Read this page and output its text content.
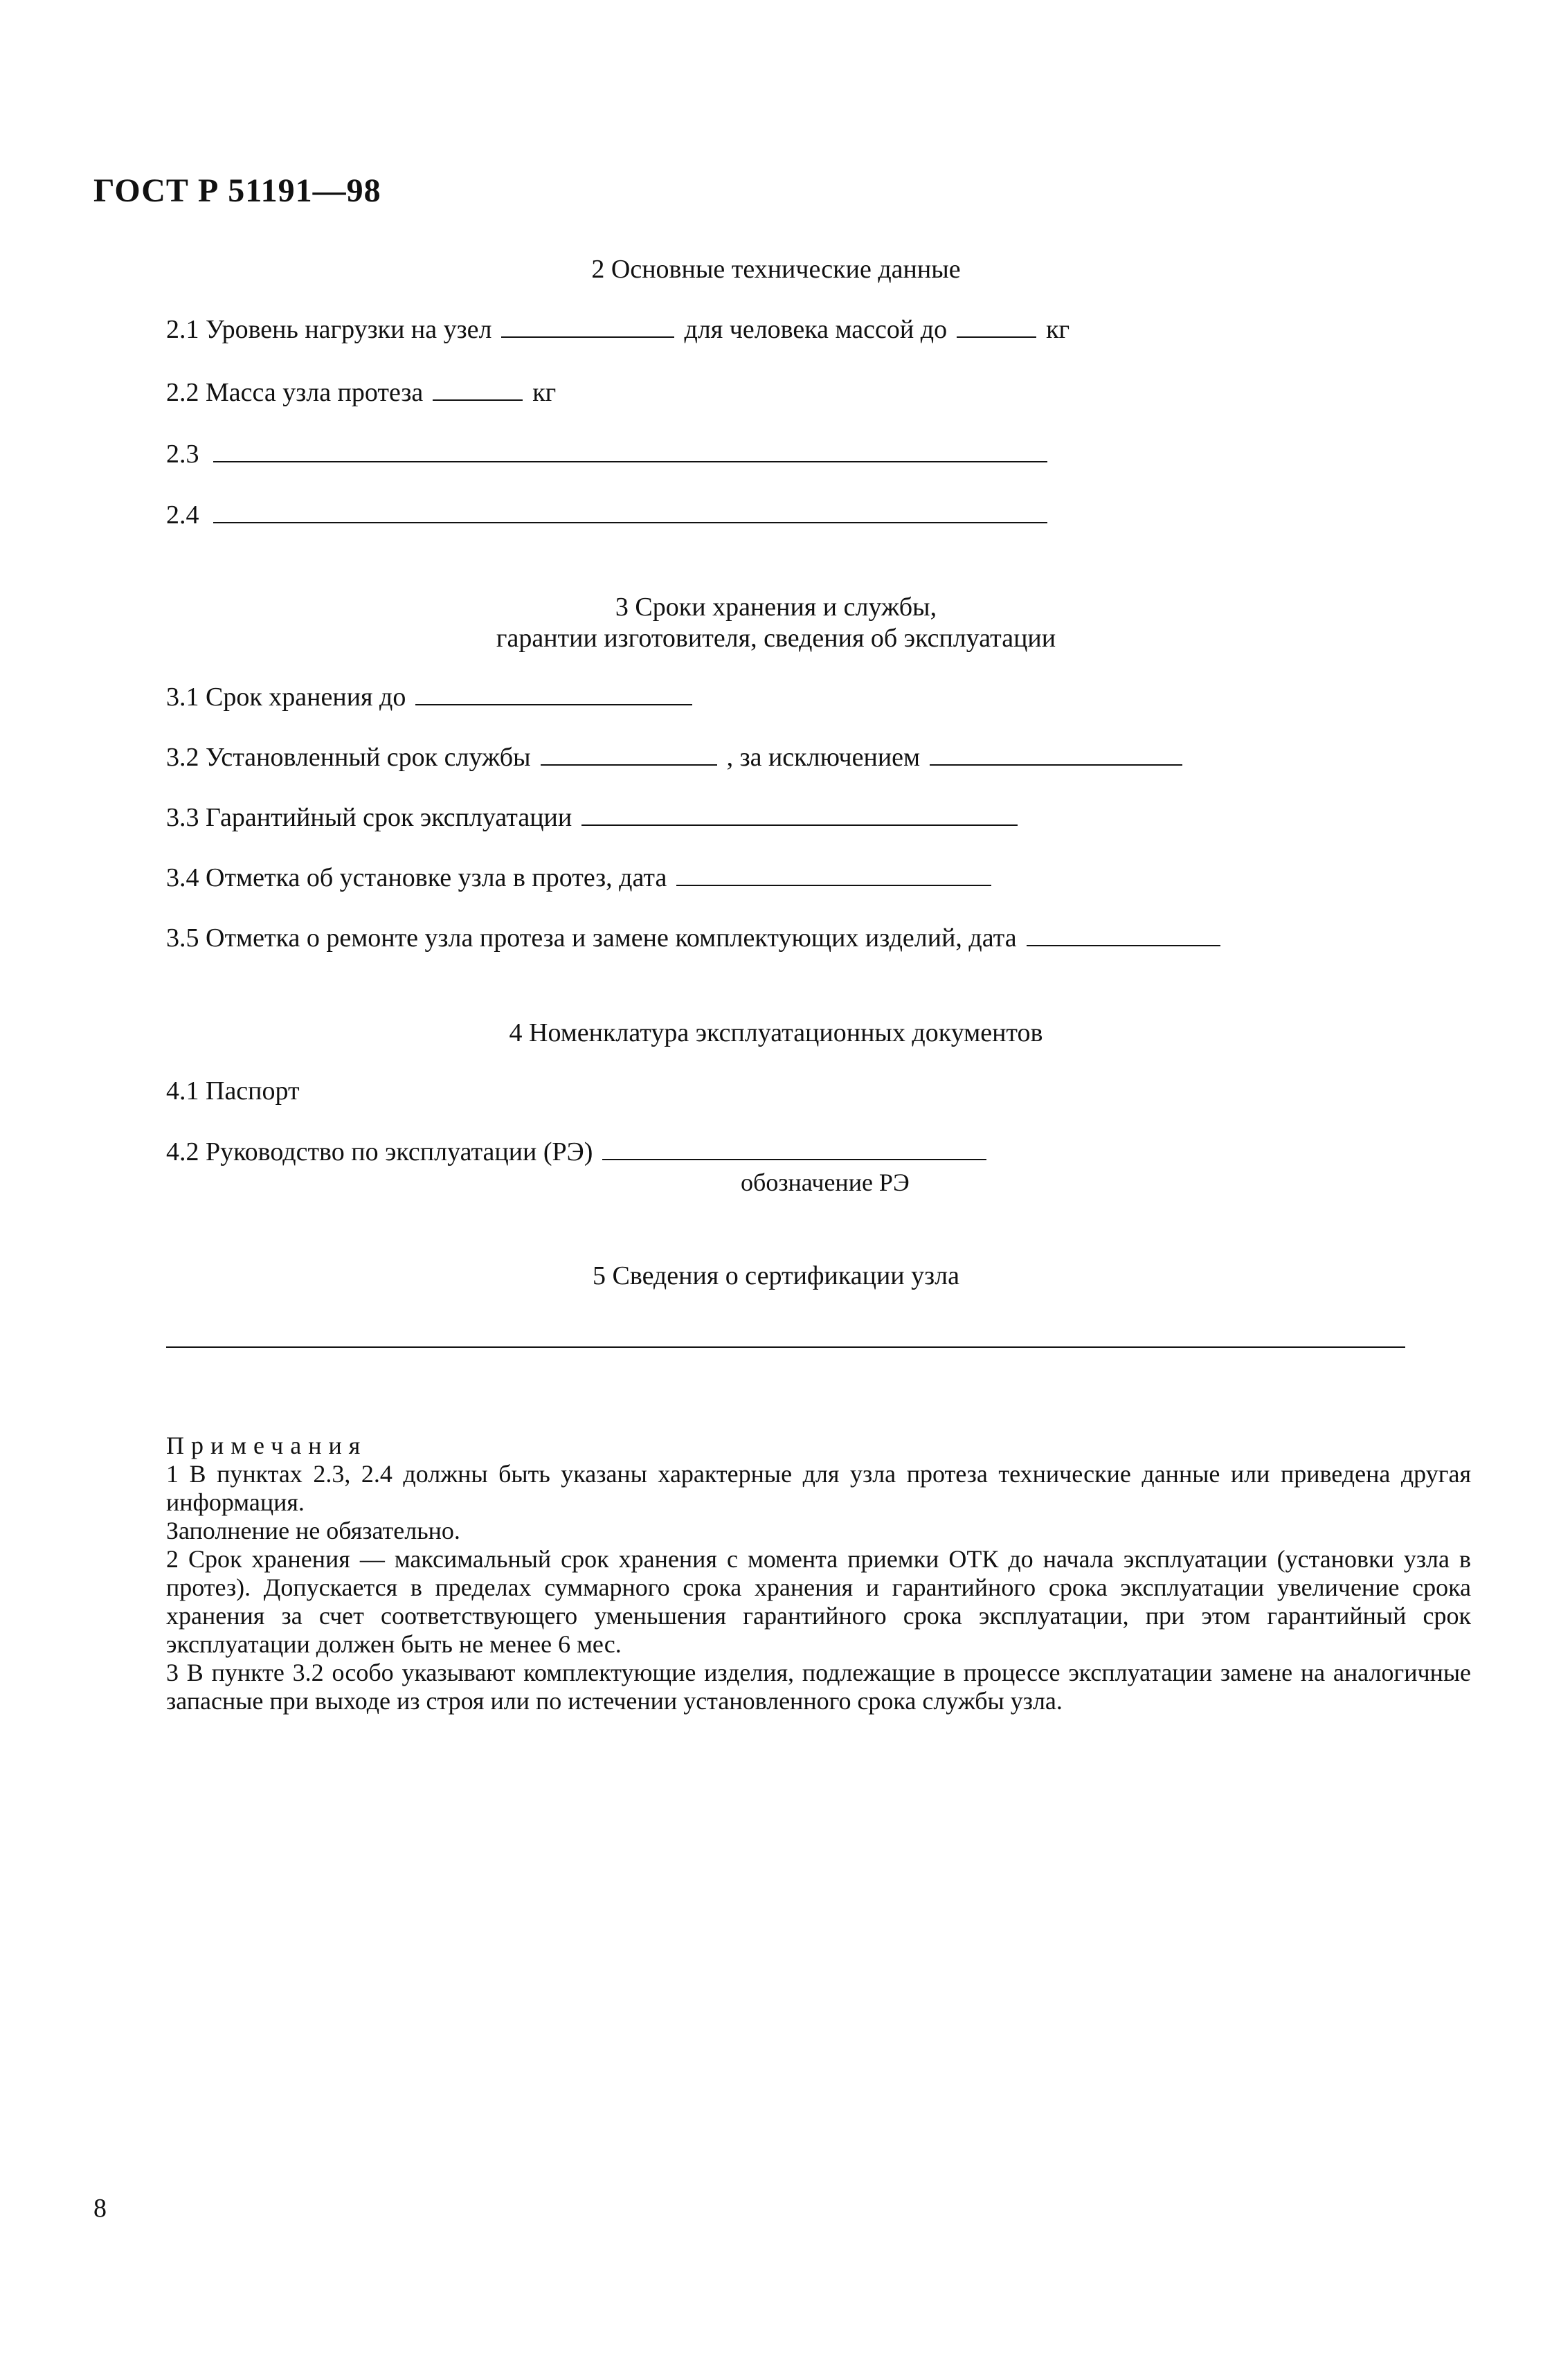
ГОСТ Р 51191—98
2 Основные технические данные
2.1 Уровень нагрузки на узел	для человека массой до	кг
2.2 Масса узла протеза	кг
2.3
2.4
3 Сроки хранения и службы,
гарантии изготовителя, сведения об эксплуатации
3.1 Срок хранения до
3.2 Установленный срок службы	, за исключением
3.3 Гарантийный срок эксплуатации
3.4 Отметка об установке узла в протез, дата
3.5 Отметка о ремонте узла протеза и замене комплектующих изделий, дата
4 Номенклатура эксплуатационных документов
4.1 Паспорт
4.2 Руководство по эксплуатации (РЭ)
обозначение РЭ
5 Сведения о сертификации узла
Примечания

1 В пунктах 2.3, 2.4 должны быть указаны характерные для узла протеза технические данные или приведена другая информация.

Заполнение не обязательно.

2 Срок хранения — максимальный срок хранения с момента приемки ОТК до начала эксплуатации (установки узла в протез). Допускается в пределах суммарного срока хранения и гарантийного срока эксплуатации увеличение срока хранения за счет соответствующего уменьшения гарантийного срока эксплуатации, при этом гарантийный срок эксплуатации должен быть не менее 6 мес.

3 В пункте 3.2 особо указывают комплектующие изделия, подлежащие в процессе эксплуатации замене на аналогичные запасные при выходе из строя или по истечении установленного срока службы узла.

8
